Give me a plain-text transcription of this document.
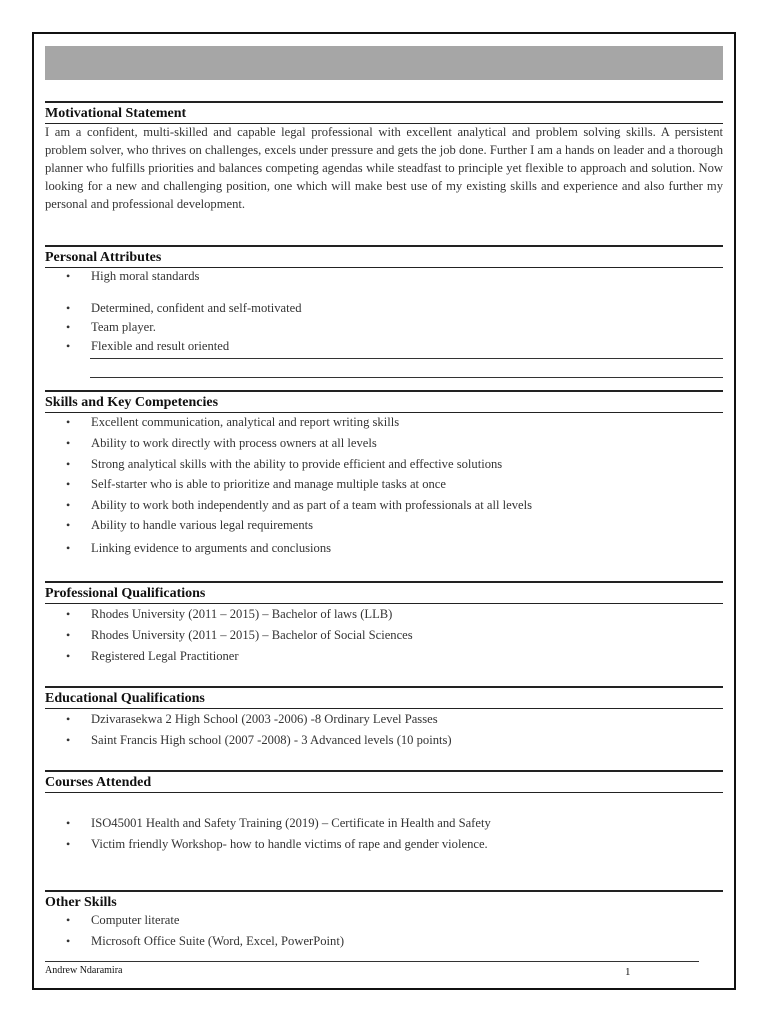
Motivational Statement
I am a confident, multi-skilled and capable legal professional with excellent analytical and problem solving skills. A persistent problem solver, who thrives on challenges, excels under pressure and gets the job done. Further I am a hands on leader and a thorough planner who fulfills priorities and balances competing agendas while steadfast to principle yet flexible to approach and solution. Now looking for a new and challenging position, one which will make best use of my existing skills and experience and also further my personal and professional development.
Personal Attributes
• High moral standards
• Determined, confident and self-motivated
• Team player.
• Flexible and result oriented
Skills and Key Competencies
• Excellent communication, analytical and report writing skills
• Ability to work directly with process owners at all levels
• Strong analytical skills with the ability to provide efficient and effective solutions
• Self-starter who is able to prioritize and manage multiple tasks at once
• Ability to work both independently and as part of a team with professionals at all levels
• Ability to handle various legal requirements
• Linking evidence to arguments and conclusions
Professional Qualifications
• Rhodes University (2011 – 2015) – Bachelor of laws (LLB)
• Rhodes University (2011 – 2015) – Bachelor of Social Sciences
• Registered Legal Practitioner
Educational Qualifications
• Dzivarasekwa 2 High School (2003 -2006) -8 Ordinary Level Passes
• Saint Francis High school (2007 -2008) - 3 Advanced levels (10 points)
Courses Attended
• ISO45001 Health and Safety Training (2019) – Certificate in Health and Safety
• Victim friendly Workshop- how to handle victims of rape and gender violence.
Other Skills
• Computer literate
• Microsoft Office Suite (Word, Excel, PowerPoint)
Andrew Ndaramira	1
